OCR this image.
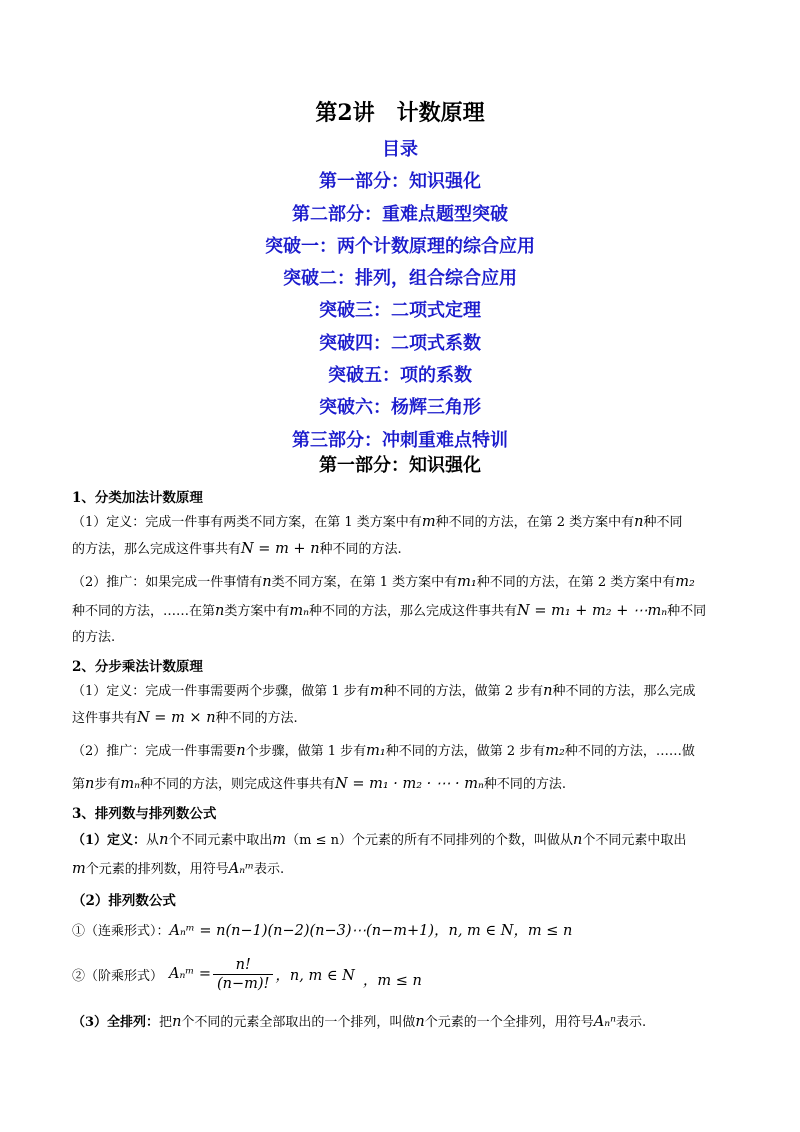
第2讲　计数原理
目录
第一部分：知识强化
第二部分：重难点题型突破
突破一：两个计数原理的综合应用
突破二：排列，组合综合应用
突破三：二项式定理
突破四：二项式系数
突破五：项的系数
突破六：杨辉三角形
第三部分：冲刺重难点特训
第一部分：知识强化
1、分类加法计数原理
（1）定义：完成一件事有两类不同方案，在第 1 类方案中有m种不同的方法，在第 2 类方案中有n种不同
的方法，那么完成这件事共有N = m + n种不同的方法.
（2）推广：如果完成一件事情有n类不同方案，在第 1 类方案中有m₁种不同的方法，在第 2 类方案中有m₂
种不同的方法，……在第n类方案中有mₙ种不同的方法，那么完成这件事共有N = m₁ + m₂ + ⋯mₙ种不同
的方法.
2、分步乘法计数原理
（1）定义：完成一件事需要两个步骤，做第 1 步有m种不同的方法，做第 2 步有n种不同的方法，那么完成
这件事共有N = m × n种不同的方法.
（2）推广：完成一件事需要n个步骤，做第 1 步有m₁种不同的方法，做第 2 步有m₂种不同的方法，……做
第n步有mₙ种不同的方法，则完成这件事共有N = m₁ · m₂ · ⋯ · mₙ种不同的方法.
3、排列数与排列数公式
（1）定义：从n个不同元素中取出m（m ≤ n）个元素的所有不同排列的个数，叫做从n个不同元素中取出
m个元素的排列数，用符号Aₙᵐ表示.
（2）排列数公式
①（连乘形式）：Aₙᵐ = n(n−1)(n−2)(n−3)⋯(n−m+1)，n, m ∈ N，m ≤ n
②（阶乘形式） Aₙᵐ = $\frac{n!}{(n-m)!}$ ，n, m ∈ N ，m ≤ n
（3）全排列：把n个不同的元素全部取出的一个排列，叫做n个元素的一个全排列，用符号Aₙⁿ表示.
